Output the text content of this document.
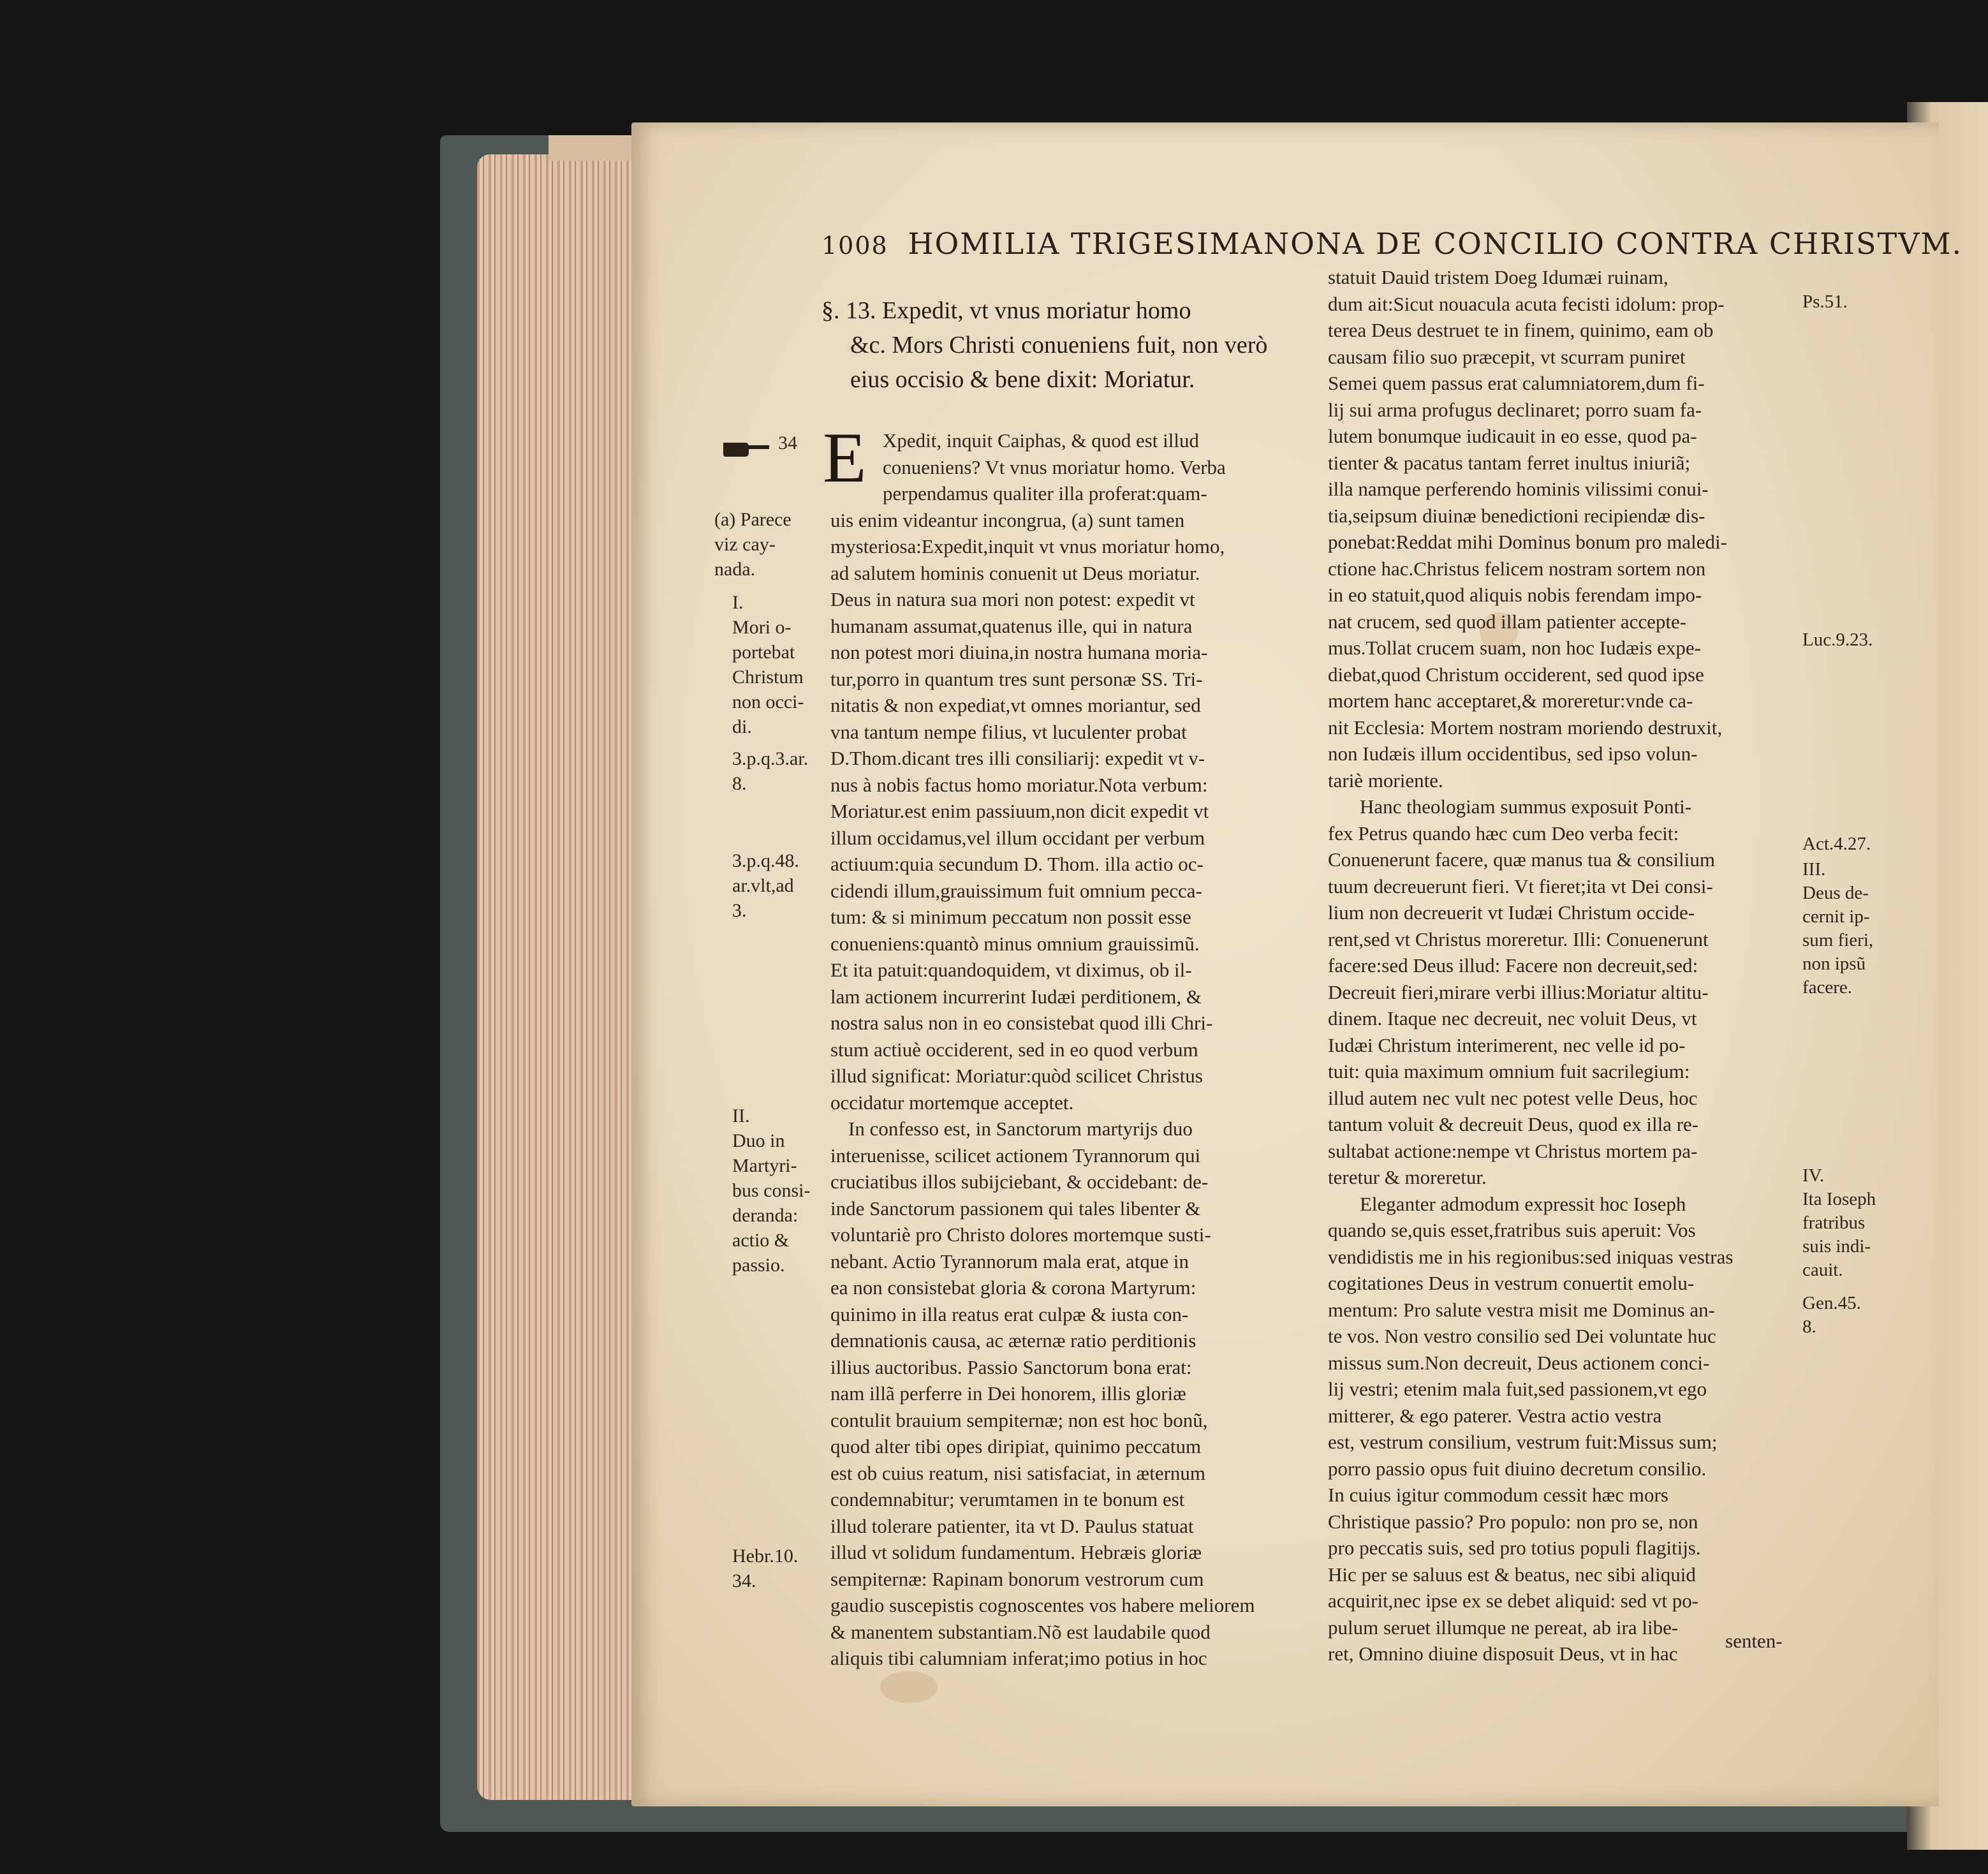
1008 HOMILIA TRIGESIMANONA DE CONCILIO CONTRA CHRISTVM.
§. 13. Expedit, vt vnus moriatur homo
&c. Mors Christi conueniens fuit, non verò
eius occisio & bene dixit: Moriatur.
E Xpedit, inquit Caiphas, & quod est illud
conueniens? Vt vnus moriatur homo. Verba
perpendamus qualiter illa proferat:quam-
uis enim videantur incongrua, (a) sunt tamen
mysteriosa:Expedit,inquit vt vnus moriatur homo,
ad salutem hominis conuenit ut Deus moriatur.
Deus in natura sua mori non potest: expedit vt
humanam assumat,quatenus ille, qui in natura
non potest mori diuina,in nostra humana moria-
tur,porro in quantum tres sunt personæ SS. Tri-
nitatis & non expediat,vt omnes moriantur, sed
vna tantum nempe filius, vt luculenter probat
D.Thom.dicant tres illi consiliarij: expedit vt v-
nus à nobis factus homo moriatur.Nota verbum:
Moriatur.est enim passiuum,non dicit expedit vt
illum occidamus,vel illum occidant per verbum
actiuum:quia secundum D. Thom. illa actio oc-
cidendi illum,grauissimum fuit omnium pecca-
tum: & si minimum peccatum non possit esse
conueniens:quantò minus omnium grauissimũ.
Et ita patuit:quandoquidem, vt diximus, ob il-
lam actionem incurrerint Iudæi perditionem, &
nostra salus non in eo consistebat quod illi Chri-
stum actiuè occiderent, sed in eo quod verbum
illud significat: Moriatur:quòd scilicet Christus
occidatur mortemque acceptet.
In confesso est, in Sanctorum martyrijs duo
interuenisse, scilicet actionem Tyrannorum qui
cruciatibus illos subijciebant, & occidebant: de-
inde Sanctorum passionem qui tales libenter &
voluntariè pro Christo dolores mortemque susti-
nebant. Actio Tyrannorum mala erat, atque in
ea non consistebat gloria & corona Martyrum:
quinimo in illa reatus erat culpæ & iusta con-
demnationis causa, ac æternæ ratio perditionis
illius auctoribus. Passio Sanctorum bona erat:
nam illã perferre in Dei honorem, illis gloriæ
contulit brauium sempiternæ; non est hoc bonũ,
quod alter tibi opes diripiat, quinimo peccatum
est ob cuius reatum, nisi satisfaciat, in æternum
condemnabitur; verumtamen in te bonum est
illud tolerare patienter, ita vt D. Paulus statuat
illud vt solidum fundamentum. Hebræis gloriæ
sempiternæ: Rapinam bonorum vestrorum cum
gaudio suscepistis cognoscentes vos habere meliorem
& manentem substantiam.Nõ est laudabile quod
aliquis tibi calumniam inferat;imo potius in hoc
statuit Dauid tristem Doeg Idumæi ruinam,
dum ait:Sicut nouacula acuta fecisti idolum: prop-
terea Deus destruet te in finem, quinimo, eam ob
causam filio suo præcepit, vt scurram puniret
Semei quem passus erat calumniatorem,dum fi-
lij sui arma profugus declinaret; porro suam fa-
lutem bonumque iudicauit in eo esse, quod pa-
tienter & pacatus tantam ferret inultus iniuriã;
illa namque perferendo hominis vilissimi conui-
tia,seipsum diuinæ benedictioni recipiendæ dis-
ponebat:Reddat mihi Dominus bonum pro maledi-
ctione hac.Christus felicem nostram sortem non
in eo statuit,quod aliquis nobis ferendam impo-
nat crucem, sed quod illam patienter accepte-
mus.Tollat crucem suam, non hoc Iudæis expe-
diebat,quod Christum occiderent, sed quod ipse
mortem hanc acceptaret,& moreretur:vnde ca-
nit Ecclesia: Mortem nostram moriendo destruxit,
non Iudæis illum occidentibus, sed ipso volun-
tariè moriente.
Hanc theologiam summus exposuit Ponti-
fex Petrus quando hæc cum Deo verba fecit:
Conuenerunt facere, quæ manus tua & consilium
tuum decreuerunt fieri. Vt fieret;ita vt Dei consi-
lium non decreuerit vt Iudæi Christum occide-
rent,sed vt Christus moreretur. Illi: Conuenerunt
facere:sed Deus illud: Facere non decreuit,sed:
Decreuit fieri,mirare verbi illius:Moriatur altitu-
dinem. Itaque nec decreuit, nec voluit Deus, vt
Iudæi Christum interimerent, nec velle id po-
tuit: quia maximum omnium fuit sacrilegium:
illud autem nec vult nec potest velle Deus, hoc
tantum voluit & decreuit Deus, quod ex illa re-
sultabat actione:nempe vt Christus mortem pa-
teretur & moreretur.
Eleganter admodum expressit hoc Ioseph
quando se,quis esset,fratribus suis aperuit: Vos
vendidistis me in his regionibus:sed iniquas vestras
cogitationes Deus in vestrum conuertit emolu-
mentum: Pro salute vestra misit me Dominus an-
te vos. Non vestro consilio sed Dei voluntate huc
missus sum.Non decreuit, Deus actionem conci-
lij vestri; etenim mala fuit,sed passionem,vt ego
mitterer, & ego paterer. Vestra actio vestra
est, vestrum consilium, vestrum fuit:Missus sum;
porro passio opus fuit diuino decretum consilio.
In cuius igitur commodum cessit hæc mors
Christique passio? Pro populo: non pro se, non
pro peccatis suis, sed pro totius populi flagitijs.
Hic per se saluus est & beatus, nec sibi aliquid
acquirit,nec ipse ex se debet aliquid: sed vt po-
pulum seruet illumque ne pereat, ab ira libe-
ret, Omnino diuine disposuit Deus, vt in hac
34
(a) Parece
viz cay-
nada.
I.
Mori o-
portebat
Christum
non occi-
di.
3.p.q.3.ar.
8.
3.p.q.48.
ar.vlt,ad
3.
II.
Duo in
Martyri-
bus consi-
deranda:
actio &
passio.
Hebr.10.
34.
Ps.51.
Luc.9.23.
Act.4.27.
III.
Deus de-
cernit ip-
sum fieri,
non ipsũ
facere.
IV.
Ita Ioseph
fratribus
suis indi-
cauit.
Gen.45.
8.
senten-
